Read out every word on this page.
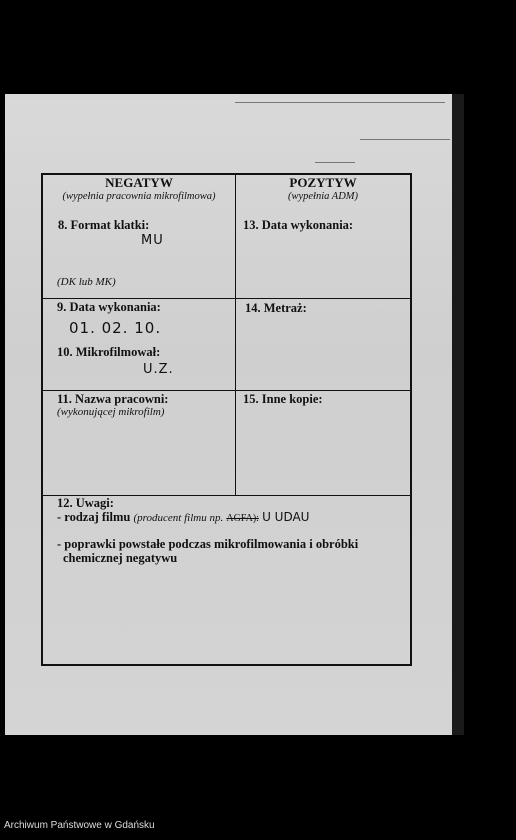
NEGATYW
(wypełnia pracownia mikrofilmowa)
POZYTYW
(wypełnia ADM)
8. Format klatki:
MU
(DK lub MK)
13. Data wykonania:
9. Data wykonania:
01. 02. 10.
10. Mikrofilmował:
U.Z.
14. Metraż:
11. Nazwa pracowni:
(wykonującej mikrofilm)
15. Inne kopie:
12. Uwagi:
- rodzaj filmu (producent filmu np. AGFA): U UDAU
- poprawki powstałe podczas mikrofilmowania i obróbki
chemicznej negatywu
Archiwum Państwowe w Gdańsku
